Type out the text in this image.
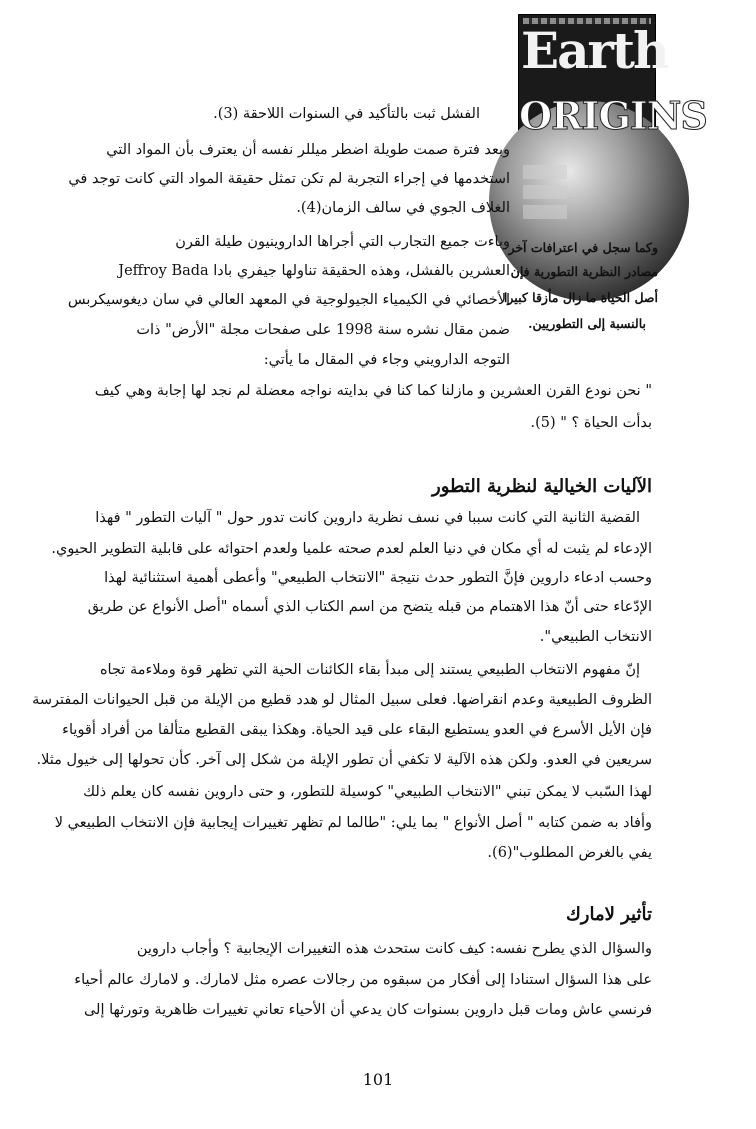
Earth
ORIGINS
وكما سجل في اعترافات آخر
مصادر النظرية التطورية فإن
أصل الحياة ما زال مأزقا كبيرا
بالنسبة إلى التطوريين.
الفشل ثبت بالتأكيد في السنوات اللاحقة (3).
وبعد فترة صمت طويلة اضطر ميللر نفسه أن يعترف بأن المواد التي
استخدمها في إجراء التجربة لم تكن تمثل حقيقة المواد التي كانت توجد في
الغلاف الجوي في سالف الزمان(4).
وباءت جميع التجارب التي أجراها الداروينيون طيلة القرن
العشرين بالفشل، وهذه الحقيقة تناولها جيفري بادا Jeffroy Bada
الأخصائي في الكيمياء الجيولوجية في المعهد العالي في سان ديغوسيكربس
ضمن مقال نشره سنة 1998 على صفحات مجلة "الأرض" ذات
التوجه الدارويني وجاء في المقال ما يأتي:
" نحن نودع القرن العشرين و مازلنا كما كنا في بدايته نواجه معضلة لم نجد لها إجابة وهي كيف
بدأت الحياة ؟ " (5).
الآليات الخيالية لنظرية التطور
القضية الثانية التي كانت سببا في نسف نظرية داروين كانت تدور حول " آليات التطور " فهذا
الإدعاء لم يثبت له أي مكان في دنيا العلم لعدم صحته علميا ولعدم احتوائه على قابلية التطوير الحيوي.
وحسب ادعاء داروين فإنَّ التطور حدث نتيجة "الانتخاب الطبيعي" وأعطى أهمية استثنائية لهذا
الإدّعاء حتى أنّ هذا الاهتمام من قبله يتضح من اسم الكتاب الذي أسماه "أصل الأنواع عن طريق
الانتخاب الطبيعي".
إنّ مفهوم الانتخاب الطبيعي يستند إلى مبدأ بقاء الكائنات الحية التي تظهر قوة وملاءمة تجاه
الظروف الطبيعية وعدم انقراضها. فعلى سبيل المثال لو هدد قطيع من الإيلة من قبل الحيوانات المفترسة
فإن الأيل الأسرع في العدو يستطيع البقاء على قيد الحياة. وهكذا يبقى القطيع متألفا من أفراد أقوياء
سريعين في العدو. ولكن هذه الآلية لا تكفي أن تطور الإيلة من شكل إلى آخر. كأن تحولها إلى خيول مثلا.
لهذا السّبب لا يمكن تبني "الانتخاب الطبيعي" كوسيلة للتطور، و حتى داروين نفسه كان يعلم ذلك
وأفاد به ضمن كتابه " أصل الأنواع " بما يلي: "طالما لم تظهر تغييرات إيجابية فإن الانتخاب الطبيعي لا
يفي بالغرض المطلوب"(6).
تأثير لامارك
والسؤال الذي يطرح نفسه: كيف كانت ستحدث هذه التغييرات الإيجابية ؟ وأجاب داروين
على هذا السؤال استنادا إلى أفكار من سبقوه من رجالات عصره مثل لامارك. و لامارك عالم أحياء
فرنسي عاش ومات قبل داروين بسنوات كان يدعي أن الأحياء تعاني تغييرات ظاهرية وتورثها إلى
101
